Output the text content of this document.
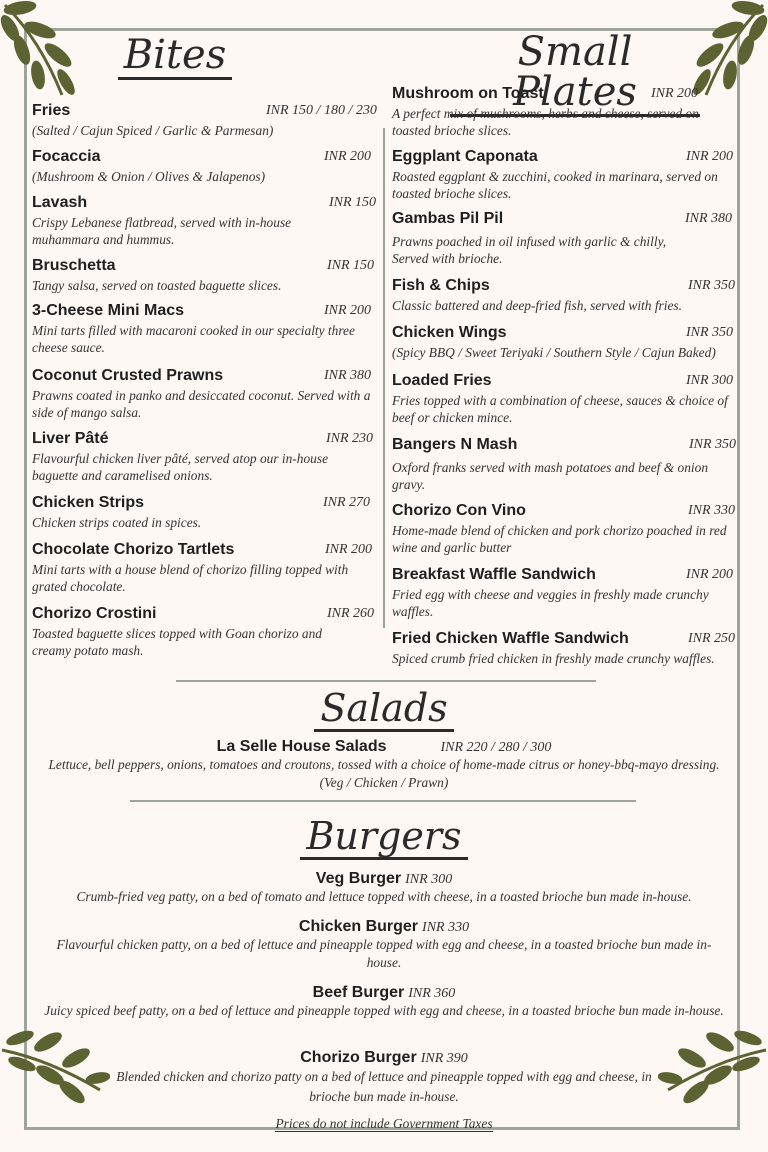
Bites	Small Plates
Fries	INR 150 / 180 / 230
(Salted / Cajun Spiced / Garlic & Parmesan)
Focaccia	INR 200
(Mushroom & Onion / Olives & Jalapenos)
Lavash	INR 150
Crispy Lebanese flatbread, served with in-house muhammara and hummus.
Bruschetta	INR 150
Tangy salsa, served on toasted baguette slices.
3-Cheese Mini Macs	INR 200
Mini tarts filled with macaroni cooked in our specialty three cheese sauce.
Coconut Crusted Prawns	INR 380
Prawns coated in panko and desiccated coconut. Served with a side of mango salsa.
Liver Pâté	INR 230
Flavourful chicken liver pâté, served atop our in-house baguette and caramelised onions.
Chicken Strips	INR 270
Chicken strips coated in spices.
Chocolate Chorizo Tartlets	INR 200
Mini tarts with a house blend of chorizo filling topped with grated chocolate.
Chorizo Crostini	INR 260
Toasted baguette slices topped with Goan chorizo and creamy potato mash.
Mushroom on Toast	INR 200
A perfect mix of mushrooms, herbs and cheese, served on toasted brioche slices.
Eggplant Caponata	INR 200
Roasted eggplant & zucchini, cooked in marinara, served on toasted brioche slices.
Gambas Pil Pil	INR 380
Prawns poached in oil infused with garlic & chilly, Served with brioche.
Fish & Chips	INR 350
Classic battered and deep-fried fish, served with fries.
Chicken Wings	INR 350
(Spicy BBQ / Sweet Teriyaki / Southern Style / Cajun Baked)
Loaded Fries	INR 300
Fries topped with a combination of cheese, sauces & choice of beef or chicken mince.
Bangers N Mash	INR 350
Oxford franks served with mash potatoes and beef & onion gravy.
Chorizo Con Vino	INR 330
Home-made blend of chicken and pork chorizo poached in red wine and garlic butter
Breakfast Waffle Sandwich	INR 200
Fried egg with cheese and veggies in freshly made crunchy waffles.
Fried Chicken Waffle Sandwich	INR 250
Spiced crumb fried chicken in freshly made crunchy waffles.
Salads
La Selle House Salads	INR 220 / 280 / 300
Lettuce, bell peppers, onions, tomatoes and croutons, tossed with a choice of home-made citrus or honey-bbq-mayo dressing. (Veg / Chicken / Prawn)
Burgers
Veg Burger INR 300
Crumb-fried veg patty, on a bed of tomato and lettuce topped with cheese, in a toasted brioche bun made in-house.
Chicken Burger INR 330
Flavourful chicken patty, on a bed of lettuce and pineapple topped with egg and cheese, in a toasted brioche bun made in-house.
Beef Burger INR 360
Juicy spiced beef patty, on a bed of lettuce and pineapple topped with egg and cheese, in a toasted brioche bun made in-house.
Chorizo Burger INR 390
Blended chicken and chorizo patty on a bed of lettuce and pineapple topped with egg and cheese, in brioche bun made in-house.
Prices do not include Government Taxes
